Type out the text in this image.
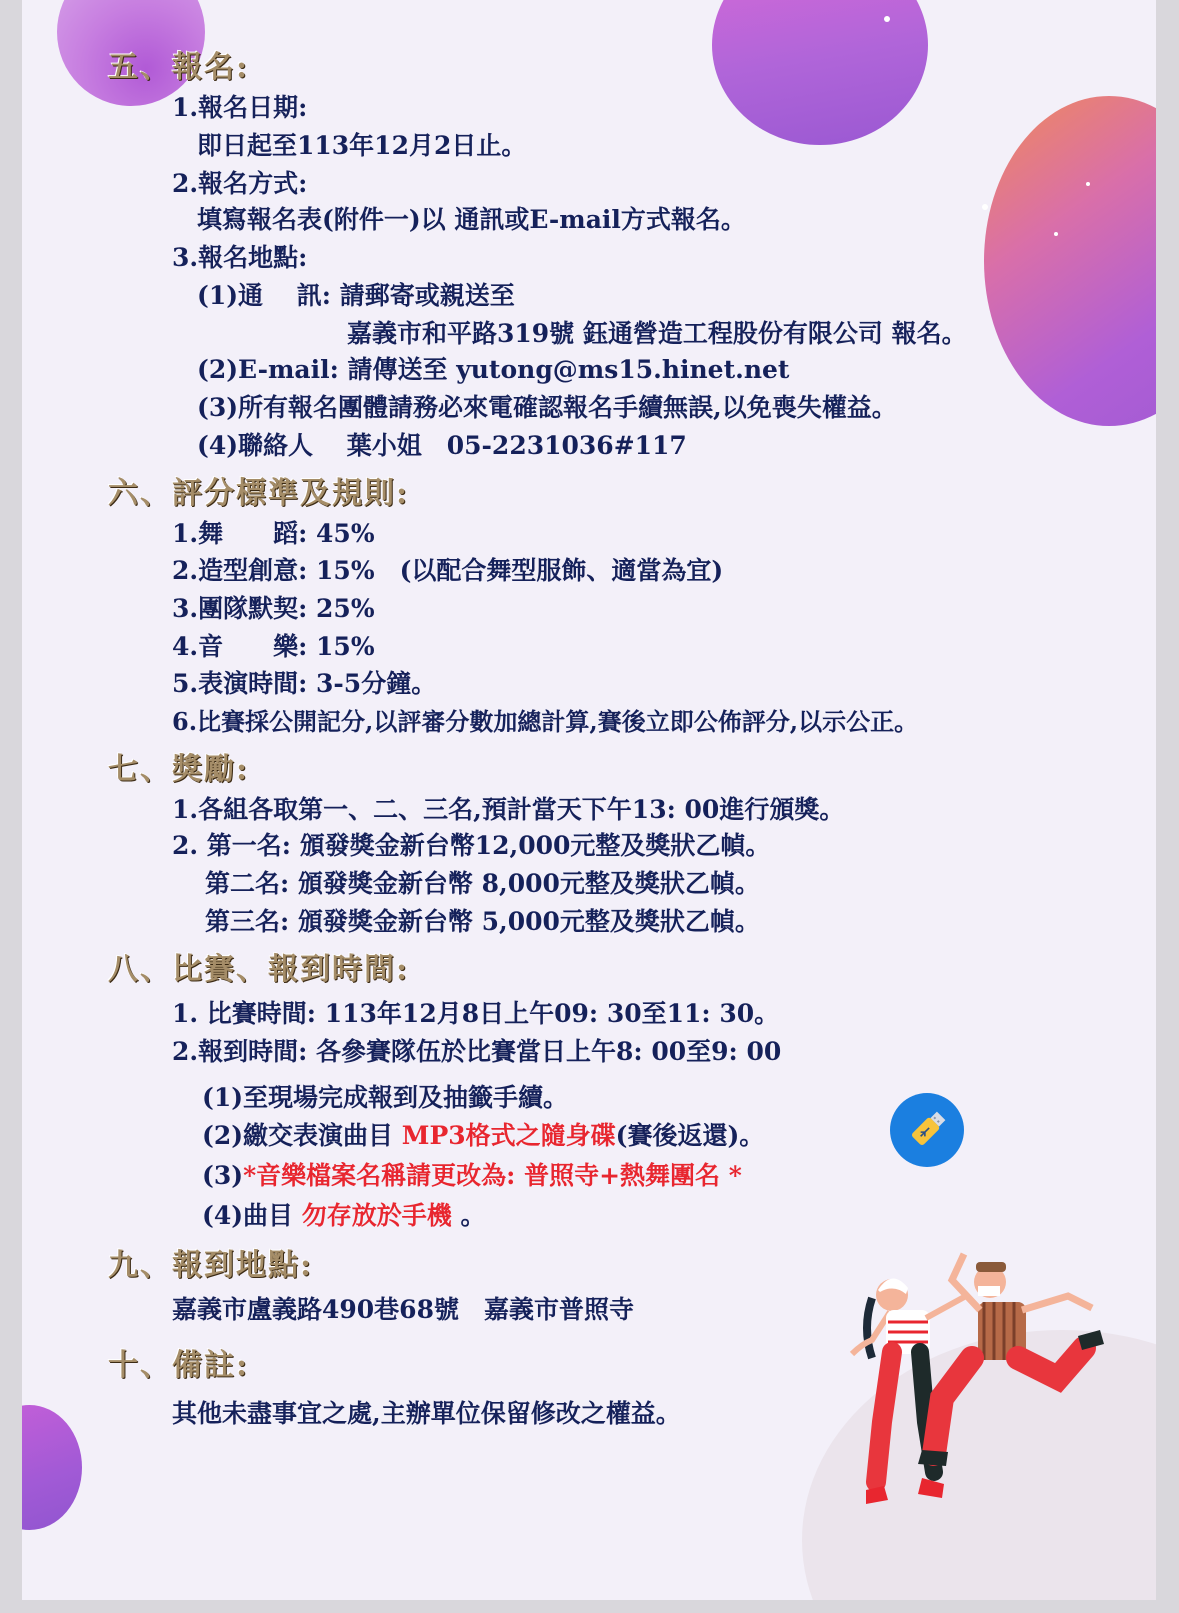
五、報名:
1.報名日期:
即日起至113年12月2日止。
2.報名方式:
填寫報名表(附件一)以 通訊或E-mail方式報名。
3.報名地點:
(1)通　 訊: 請郵寄或親送至
嘉義市和平路319號 鈺通營造工程股份有限公司 報名。
(2)E-mail: 請傳送至 yutong@ms15.hinet.net
(3)所有報名團體請務必來電確認報名手續無誤,以免喪失權益。
(4)聯絡人　 葉小姐　05-2231036#117
六、評分標準及規則:
1.舞　　蹈: 45%
2.造型創意: 15%　(以配合舞型服飾、適當為宜)
3.團隊默契: 25%
4.音　　樂: 15%
5.表演時間: 3-5分鐘。
6.比賽採公開記分,以評審分數加總計算,賽後立即公佈評分,以示公正。
七、獎勵:
1.各組各取第一、二、三名,預計當天下午13: 00進行頒獎。
2. 第一名: 頒發獎金新台幣12,000元整及獎狀乙幀。
第二名: 頒發獎金新台幣 8,000元整及獎狀乙幀。
第三名: 頒發獎金新台幣 5,000元整及獎狀乙幀。
八、比賽、報到時間:
1. 比賽時間: 113年12月8日上午09: 30至11: 30。
2.報到時間: 各參賽隊伍於比賽當日上午8: 00至9: 00
(1)至現場完成報到及抽籤手續。
(2)繳交表演曲目 MP3格式之隨身碟(賽後返還)。
(3)*音樂檔案名稱請更改為: 普照寺+熱舞團名 *
(4)曲目 勿存放於手機 。
九、報到地點:
嘉義市盧義路490巷68號　嘉義市普照寺
十、備註:
其他未盡事宜之處,主辦單位保留修改之權益。
